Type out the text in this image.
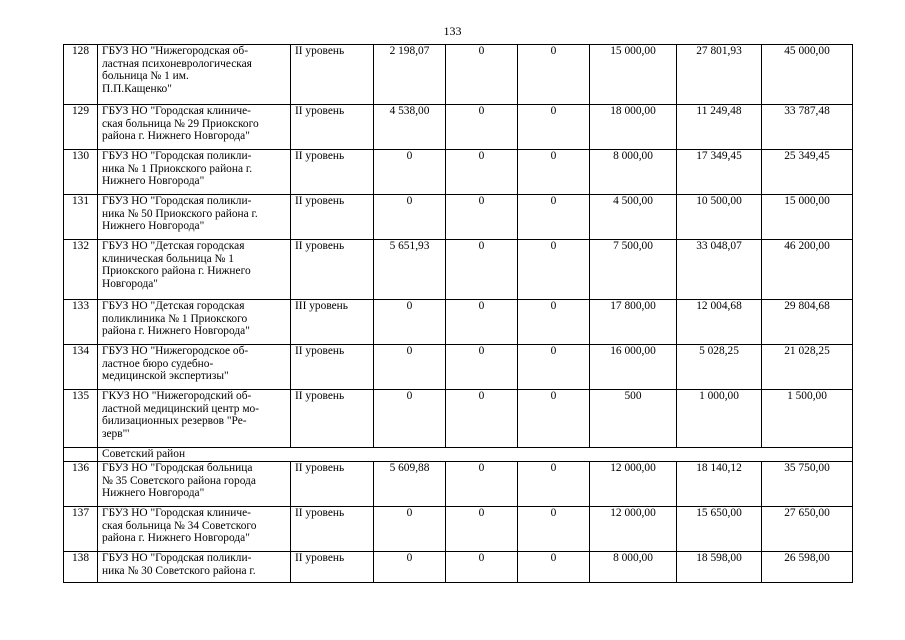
133
128	ГБУЗ НО "Нижегородская об-
ластная психоневрологическая
больница № 1 им.
П.П.Кащенко"	II уровень	2 198,07	0	0	15 000,00	27 801,93	45 000,00
129	ГБУЗ НО "Городская клиниче-
ская больница № 29 Приокского
района г. Нижнего Новгорода"	II уровень	4 538,00	0	0	18 000,00	11 249,48	33 787,48
130	ГБУЗ НО "Городская поликли-
ника № 1 Приокского района г.
Нижнего Новгорода"	II уровень	0	0	0	8 000,00	17 349,45	25 349,45
131	ГБУЗ НО "Городская поликли-
ника № 50 Приокского района г.
Нижнего Новгорода"	II уровень	0	0	0	4 500,00	10 500,00	15 000,00
132	ГБУЗ НО "Детская городская
клиническая больница № 1
Приокского района г. Нижнего
Новгорода"	II уровень	5 651,93	0	0	7 500,00	33 048,07	46 200,00
133	ГБУЗ НО "Детская городская
поликлиника № 1 Приокского
района г. Нижнего Новгорода"	III уровень	0	0	0	17 800,00	12 004,68	29 804,68
134	ГБУЗ НО "Нижегородское об-
ластное бюро судебно-
медицинской экспертизы"	II уровень	0	0	0	16 000,00	5 028,25	21 028,25
135	ГКУЗ НО "Нижегородский об-
ластной медицинский центр мо-
билизационных резервов "Ре-
зерв"'	II уровень	0	0	0	500	1 000,00	1 500,00
	Советский район							
136	ГБУЗ НО "Городская больница
№ 35 Советского района города
Нижнего Новгорода"	II уровень	5 609,88	0	0	12 000,00	18 140,12	35 750,00
137	ГБУЗ НО "Городская клиниче-
ская больница № 34 Советского
района г. Нижнего Новгорода"	II уровень	0	0	0	12 000,00	15 650,00	27 650,00
138	ГБУЗ НО "Городская поликли-
ника № 30 Советского района г.	II уровень	0	0	0	8 000,00	18 598,00	26 598,00
